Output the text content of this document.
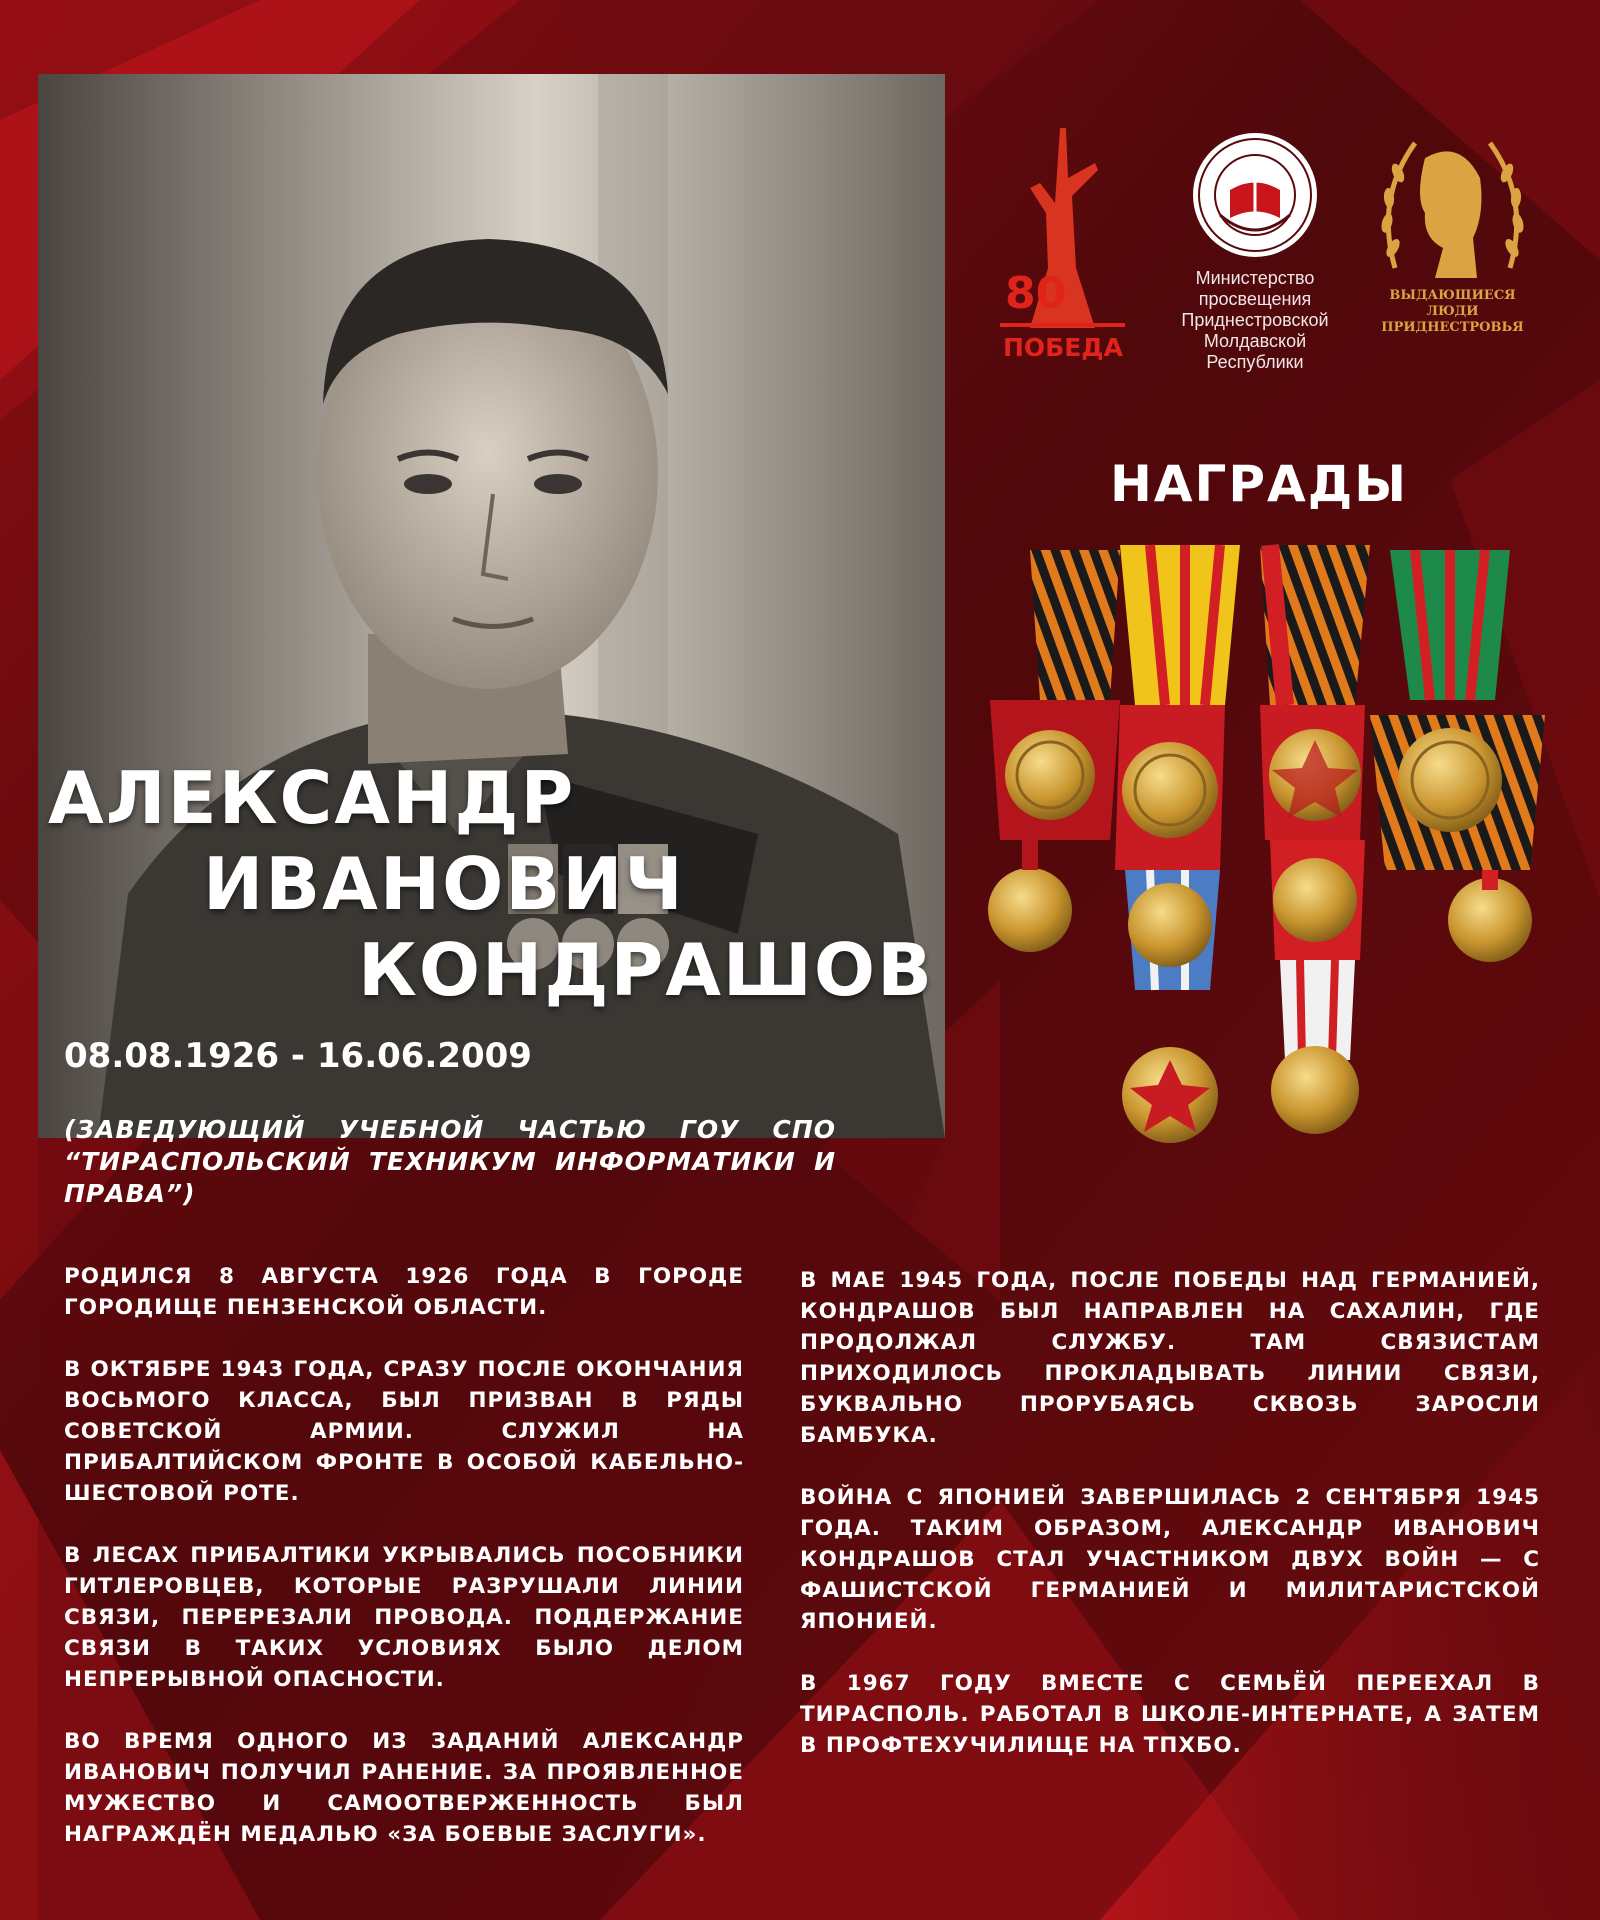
80
ПОБЕДА!
Министерство
просвещения
Приднестровской
Молдавской
Республики
ВЫДАЮЩИЕСЯ
ЛЮДИ
ПРИДНЕСТРОВЬЯ
НАГРАДЫ
АЛЕКСАНДР
ИВАНОВИЧ
КОНДРАШОВ
08.08.1926 - 16.06.2009
(ЗАВЕДУЮЩИЙ УЧЕБНОЙ ЧАСТЬЮ ГОУ СПО “ТИРАСПОЛЬСКИЙ ТЕХНИКУМ ИНФОРМАТИКИ И ПРАВА”)

РОДИЛСЯ 8 АВГУСТА 1926 ГОДА В ГОРОДЕ ГОРОДИЩЕ ПЕНЗЕНСКОЙ ОБЛАСТИ.

В ОКТЯБРЕ 1943 ГОДА, СРАЗУ ПОСЛЕ ОКОНЧАНИЯ ВОСЬМОГО КЛАССА, БЫЛ ПРИЗВАН В РЯДЫ СОВЕТСКОЙ АРМИИ. СЛУЖИЛ НА ПРИБАЛТИЙСКОМ ФРОНТЕ В ОСОБОЙ КАБЕЛЬНО-ШЕСТОВОЙ РОТЕ.

В ЛЕСАХ ПРИБАЛТИКИ УКРЫВАЛИСЬ ПОСОБНИКИ ГИТЛЕРОВЦЕВ, КОТОРЫЕ РАЗРУШАЛИ ЛИНИИ СВЯЗИ, ПЕРЕРЕЗАЛИ ПРОВОДА. ПОДДЕРЖАНИЕ СВЯЗИ В ТАКИХ УСЛОВИЯХ БЫЛО ДЕЛОМ НЕПРЕРЫВНОЙ ОПАСНОСТИ.

ВО ВРЕМЯ ОДНОГО ИЗ ЗАДАНИЙ АЛЕКСАНДР ИВАНОВИЧ ПОЛУЧИЛ РАНЕНИЕ. ЗА ПРОЯВЛЕННОЕ МУЖЕСТВО И САМООТВЕРЖЕННОСТЬ БЫЛ НАГРАЖДЁН МЕДАЛЬЮ «ЗА БОЕВЫЕ ЗАСЛУГИ».

В МАЕ 1945 ГОДА, ПОСЛЕ ПОБЕДЫ НАД ГЕРМАНИЕЙ, КОНДРАШОВ БЫЛ НАПРАВЛЕН НА САХАЛИН, ГДЕ ПРОДОЛЖАЛ СЛУЖБУ. ТАМ СВЯЗИСТАМ ПРИХОДИЛОСЬ ПРОКЛАДЫВАТЬ ЛИНИИ СВЯЗИ, БУКВАЛЬНО ПРОРУБАЯСЬ СКВОЗЬ ЗАРОСЛИ БАМБУКА.

ВОЙНА С ЯПОНИЕЙ ЗАВЕРШИЛАСЬ 2 СЕНТЯБРЯ 1945 ГОДА. ТАКИМ ОБРАЗОМ, АЛЕКСАНДР ИВАНОВИЧ КОНДРАШОВ СТАЛ УЧАСТНИКОМ ДВУХ ВОЙН — С ФАШИСТСКОЙ ГЕРМАНИЕЙ И МИЛИТАРИСТСКОЙ ЯПОНИЕЙ.

В 1967 ГОДУ ВМЕСТЕ С СЕМЬЁЙ ПЕРЕЕХАЛ В ТИРАСПОЛЬ. РАБОТАЛ В ШКОЛЕ-ИНТЕРНАТЕ, А ЗАТЕМ В ПРОФТЕХУЧИЛИЩЕ НА ТПХБО.
